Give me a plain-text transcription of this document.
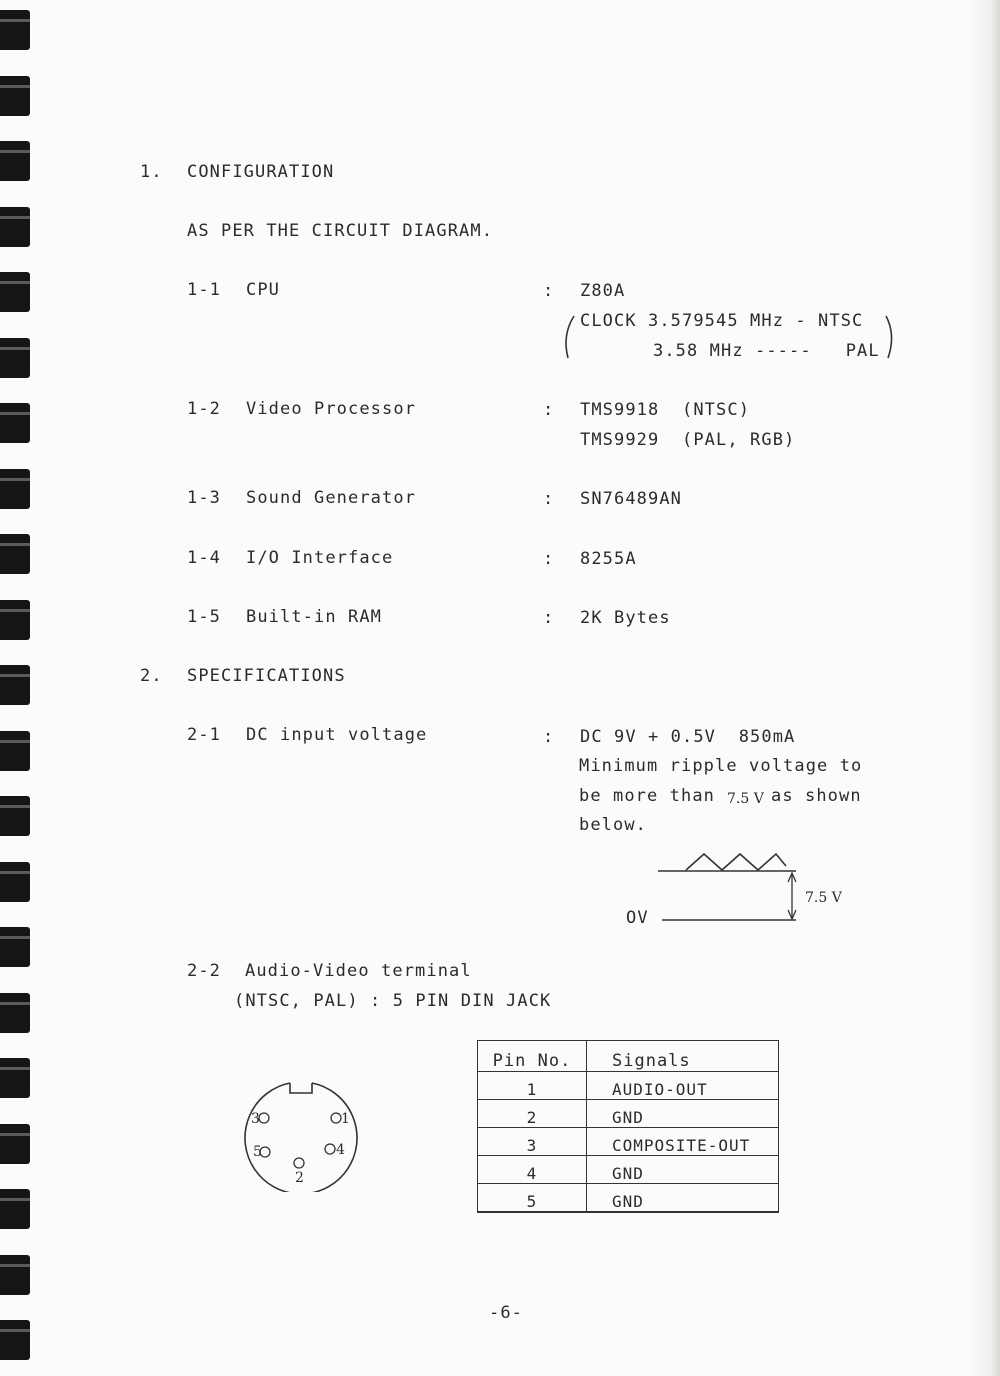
1. CONFIGURATION
AS PER THE CIRCUIT DIAGRAM.
1-1 CPU	: Z80A
CLOCK 3.579545 MHz - NTSC
3.58 MHz -----   PAL
1-2 Video Processor	: TMS9918  (NTSC)
TMS9929  (PAL, RGB)
1-3 Sound Generator	: SN76489AN
1-4 I/O Interface	: 8255A
1-5 Built-in RAM	: 2K Bytes
2. SPECIFICATIONS
2-1 DC input voltage	: DC 9V + 0.5V  850mA
Minimum ripple voltage to
be more than 7.5 V as shown
below.
OV
7.5 V
2-2 Audio-Video terminal
(NTSC, PAL) : 5 PIN DIN JACK
3	1
5	4
2
Pin No.	Signals
1	AUDIO-OUT
2	GND
3	COMPOSITE-OUT
4	GND
5	GND
-6-
